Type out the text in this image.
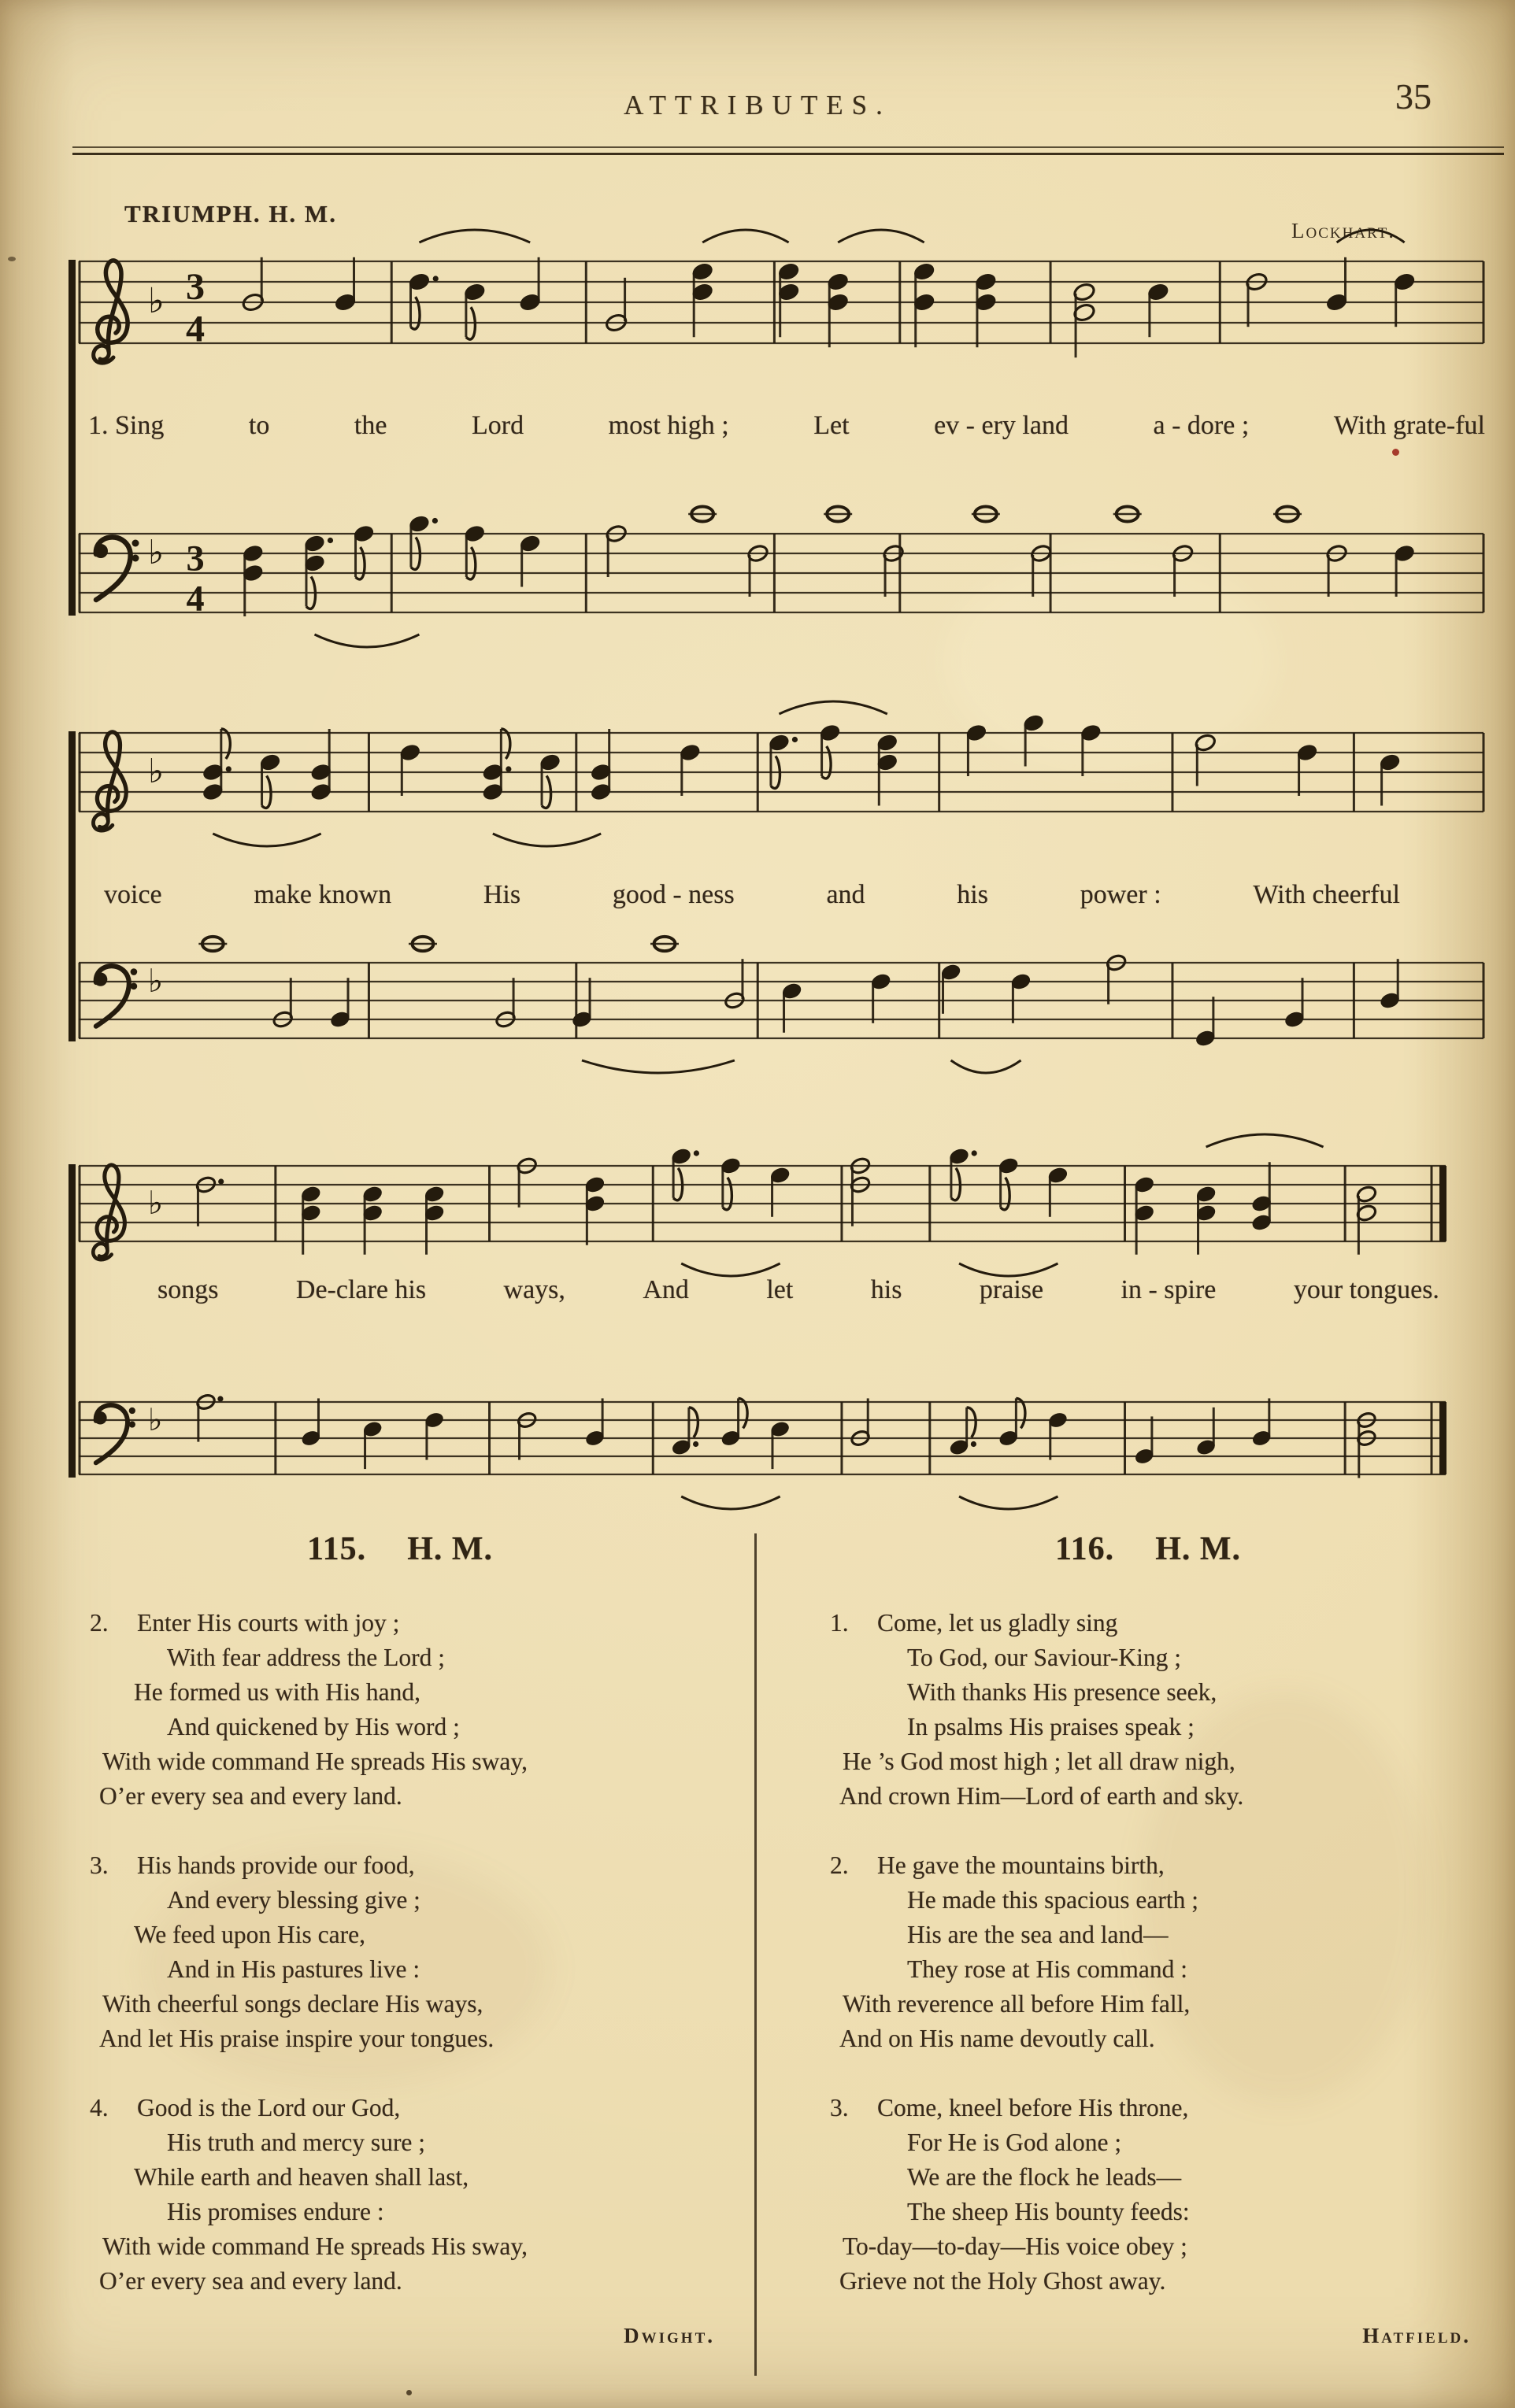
ATTRIBUTES.	35
TRIUMPH. H. M.
Lockhart.
♭ 3
4
♭ 3
4
♭
♭
♭
♭
1. Sing	to	the	Lord	most high ;	Let	ev - ery land	a - dore ;	With grate-ful
voice	make known	His	good - ness	and	his	power :	With cheerful
songs	De-clare his	ways,	And	let	his	praise	in - spire	your tongues.
115. H. M.
2.	Enter His courts with joy ;
With fear address the Lord ;
He formed us with His hand,
And quickened by His word ;
With wide command He spreads His sway,
O’er every sea and every land.
3.	His hands provide our food,
And every blessing give ;
We feed upon His care,
And in His pastures live :
With cheerful songs declare His ways,
And let His praise inspire your tongues.
4.	Good is the Lord our God,
His truth and mercy sure ;
While earth and heaven shall last,
His promises endure :
With wide command He spreads His sway,
O’er every sea and every land.
Dwight.
116. H. M.
1.	Come, let us gladly sing
To God, our Saviour-King ;
With thanks His presence seek,
In psalms His praises speak ;
He ’s God most high ; let all draw nigh,
And crown Him—Lord of earth and sky.
2.	He gave the mountains birth,
He made this spacious earth ;
His are the sea and land—
They rose at His command :
With reverence all before Him fall,
And on His name devoutly call.
3.	Come, kneel before His throne,
For He is God alone ;
We are the flock he leads—
The sheep His bounty feeds:
To-day—to-day—His voice obey ;
Grieve not the Holy Ghost away.
Hatfield.
